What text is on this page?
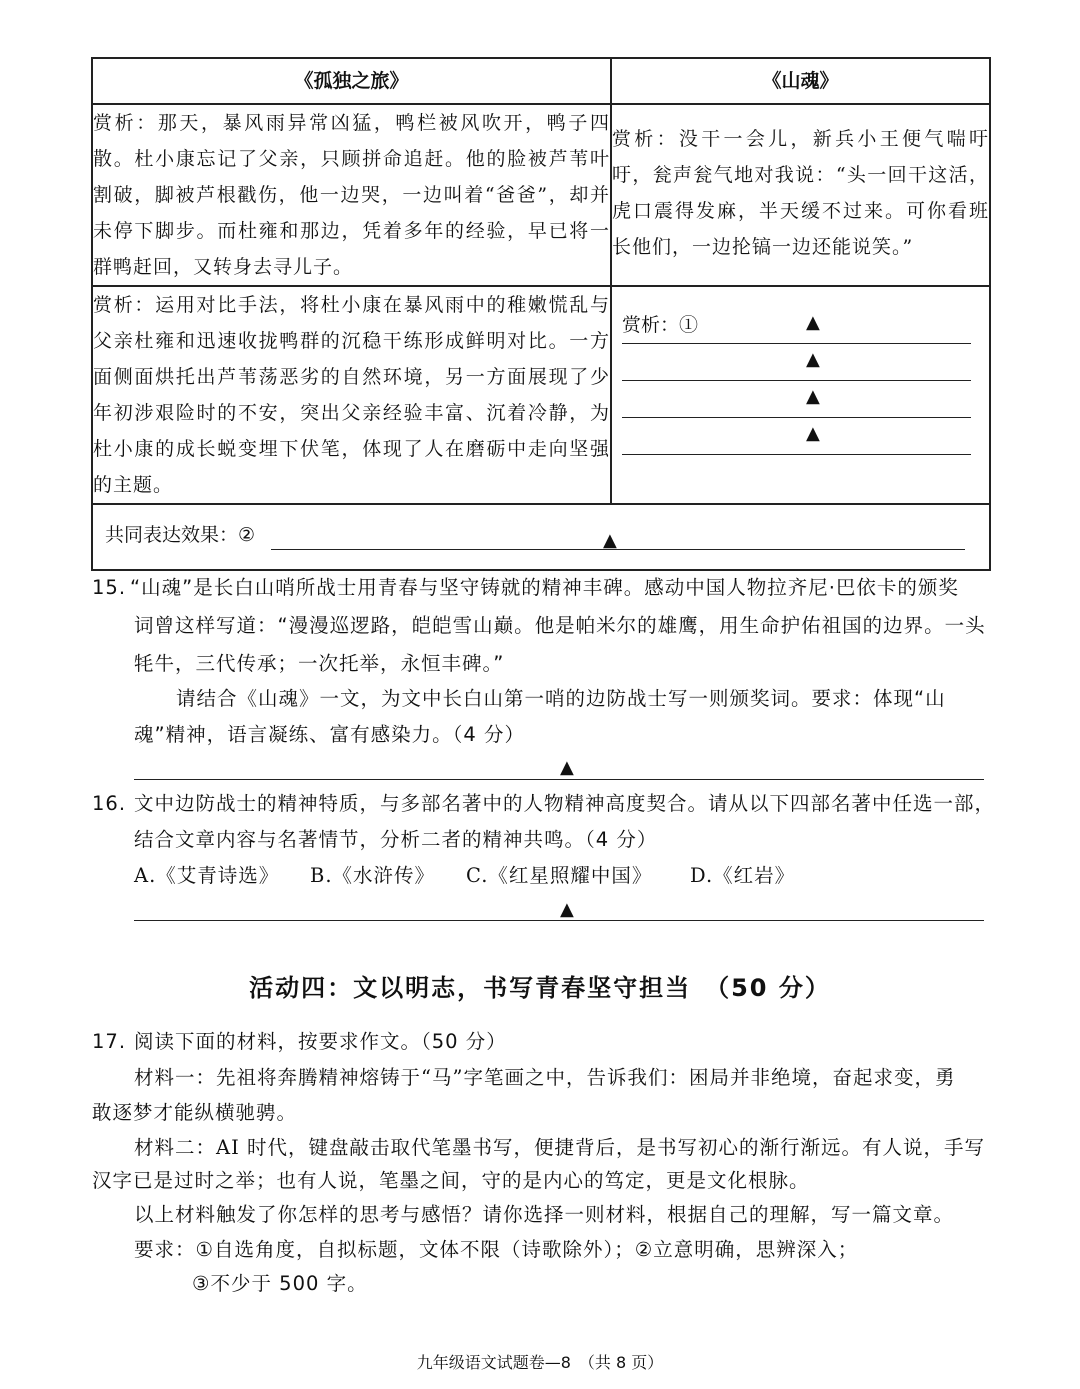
《孤独之旅》	《山魂》
赏析：那天，暴风雨异常凶猛，鸭栏被风吹开，鸭子四散。杜小康忘记了父亲，只顾拼命追赶。他的脸被芦苇叶割破，脚被芦根戳伤，他一边哭，一边叫着“爸爸”，却并未停下脚步。而杜雍和那边，凭着多年的经验，早已将一群鸭赶回，又转身去寻儿子。	赏析：没干一会儿，新兵小王便气喘吁吁，瓮声瓮气地对我说：“头一回干这活，虎口震得发麻，半天缓不过来。可你看班长他们，一边抡镐一边还能说笑。”
赏析：运用对比手法，将杜小康在暴风雨中的稚嫩慌乱与父亲杜雍和迅速收拢鸭群的沉稳干练形成鲜明对比。一方面侧面烘托出芦苇荡恶劣的自然环境，另一方面展现了少年初涉艰险时的不安，突出父亲经验丰富、沉着冷静，为杜小康的成长蜕变埋下伏笔，体现了人在磨砺中走向坚强的主题。	赏析：① ▲
▲
▲
▲

共同表达效果：② ▲	
15. “山魂”是长白山哨所战士用青春与坚守铸就的精神丰碑。感动中国人物拉齐尼·巴依卡的颁奖
词曾这样写道：“漫漫巡逻路，皑皑雪山巅。他是帕米尔的雄鹰，用生命护佑祖国的边界。一头
牦牛，三代传承；一次托举，永恒丰碑。”
请结合《山魂》一文，为文中长白山第一哨的边防战士写一则颁奖词。要求：体现“山
魂”精神，语言凝练、富有感染力。（4 分）
▲
16. 文中边防战士的精神特质，与多部名著中的人物精神高度契合。请从以下四部名著中任选一部，
结合文章内容与名著情节，分析二者的精神共鸣。（4 分）
A.《艾青诗选》 B.《水浒传》 C.《红星照耀中国》 D.《红岩》
▲
活动四：文以明志，书写青春坚守担当　（50 分）
17. 阅读下面的材料，按要求作文。（50 分）
材料一：先祖将奔腾精神熔铸于“马”字笔画之中，告诉我们：困局并非绝境，奋起求变，勇
敢逐梦才能纵横驰骋。
材料二：AI 时代，键盘敲击取代笔墨书写，便捷背后，是书写初心的渐行渐远。有人说，手写
汉字已是过时之举；也有人说，笔墨之间，守的是内心的笃定，更是文化根脉。
以上材料触发了你怎样的思考与感悟？请你选择一则材料，根据自己的理解，写一篇文章。
要求：①自选角度，自拟标题，文体不限（诗歌除外）；②立意明确，思辨深入；
③不少于 500 字。
九年级语文试题卷—8　（共 8 页）
